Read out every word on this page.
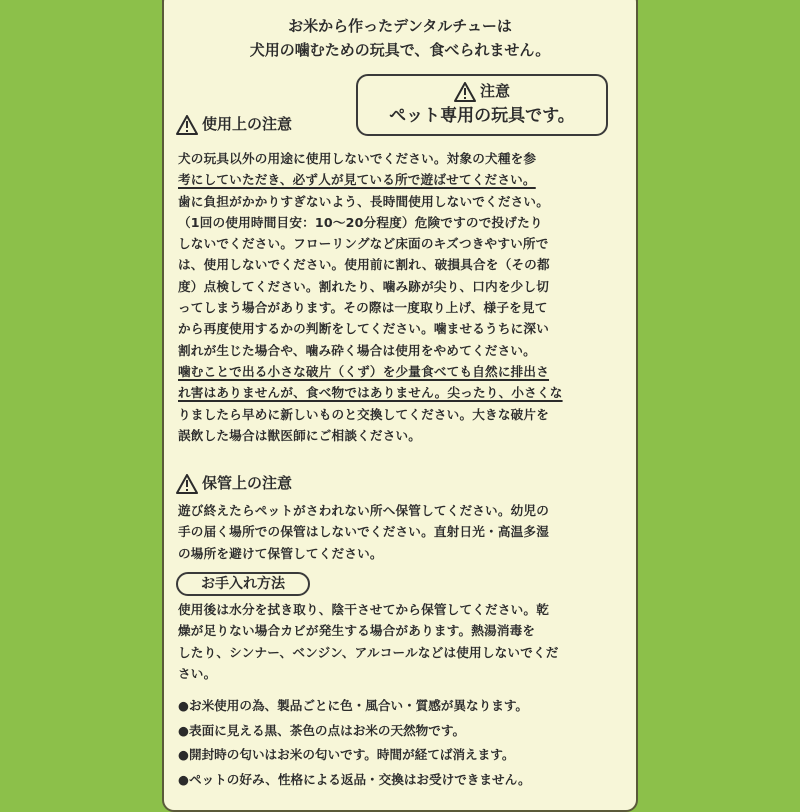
お米から作ったデンタルチューは
犬用の噛むための玩具で、食べられません。
注意
ペット専用の玩具です。
使用上の注意
犬の玩具以外の用途に使用しないでください。対象の犬種を参
考にしていただき、必ず人が見ている所で遊ばせてください。
歯に負担がかかりすぎないよう、長時間使用しないでください。
（1回の使用時間目安：10〜20分程度）危険ですので投げたり
しないでください。フローリングなど床面のキズつきやすい所で
は、使用しないでください。使用前に割れ、破損具合を（その都
度）点検してください。割れたり、噛み跡が尖り、口内を少し切
ってしまう場合があります。その際は一度取り上げ、様子を見て
から再度使用するかの判断をしてください。噛ませるうちに深い
割れが生じた場合や、噛み砕く場合は使用をやめてください。
噛むことで出る小さな破片（くず）を少量食べても自然に排出さ
れ害はありませんが、食べ物ではありません。尖ったり、小さくな
りましたら早めに新しいものと交換してください。大きな破片を
誤飲した場合は獣医師にご相談ください。
保管上の注意
遊び終えたらペットがさわれない所へ保管してください。幼児の
手の届く場所での保管はしないでください。直射日光・高温多湿
の場所を避けて保管してください。
お手入れ方法
使用後は水分を拭き取り、陰干させてから保管してください。乾
燥が足りない場合カビが発生する場合があります。熱湯消毒を
したり、シンナー、ベンジン、アルコールなどは使用しないでくだ
さい。
●お米使用の為、製品ごとに色・風合い・質感が異なります。
●表面に見える黒、茶色の点はお米の天然物です。
●開封時の匂いはお米の匂いです。時間が経てば消えます。
●ペットの好み、性格による返品・交換はお受けできません。
